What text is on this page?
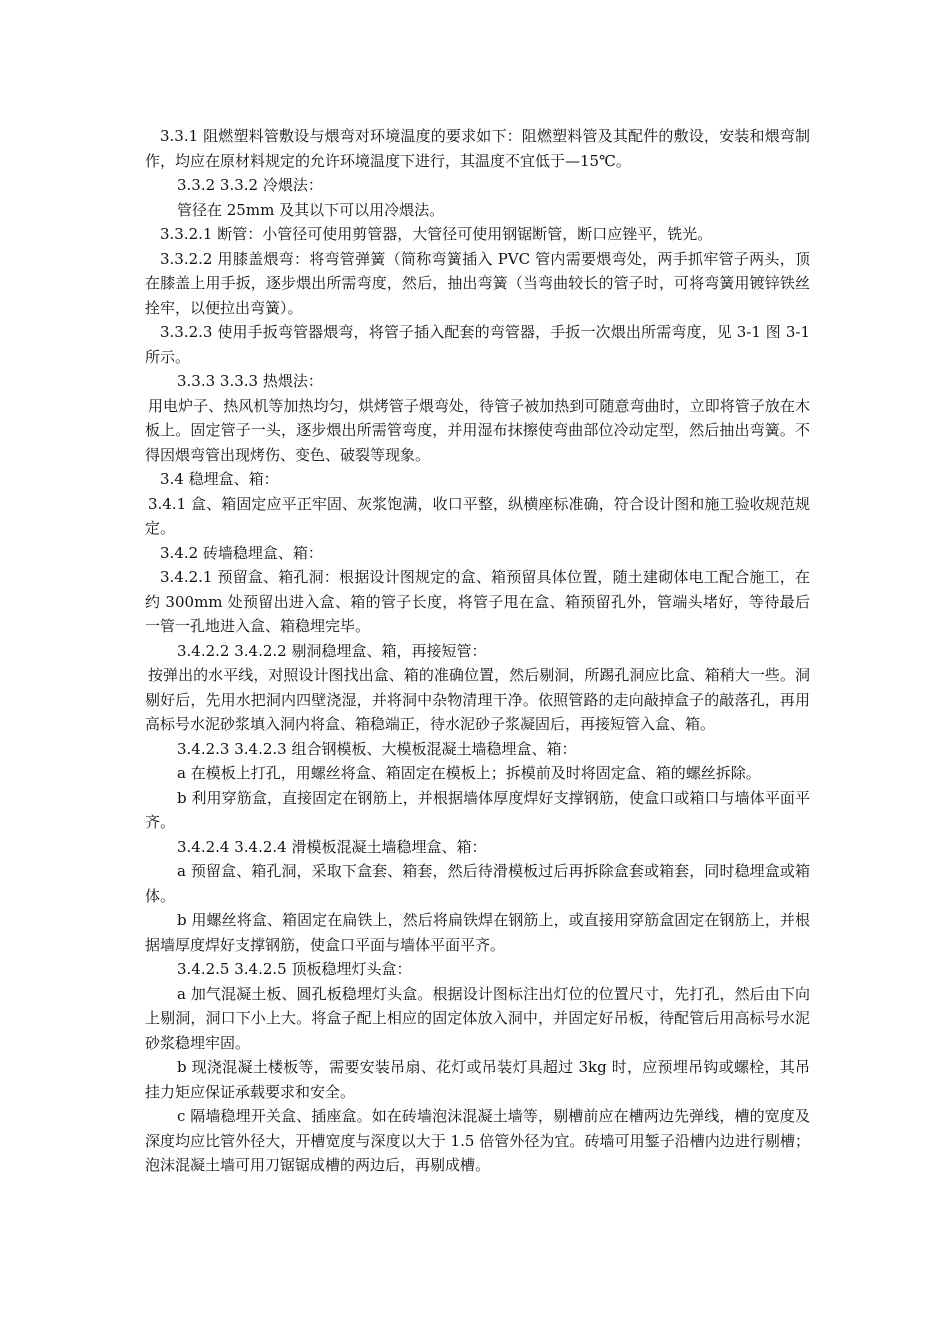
3.3.1 阻燃塑料管敷设与煨弯对环境温度的要求如下：阻燃塑料管及其配件的敷设，安装和煨弯制作，均应在原材料规定的允许环境温度下进行，其温度不宜低于—15℃。

3.3.2 3.3.2 冷煨法：

管径在 25mm 及其以下可以用冷煨法。

3.3.2.1 断管：小管径可使用剪管器，大管径可使用钢锯断管，断口应锉平，铣光。

3.3.2.2 用膝盖煨弯：将弯管弹簧（简称弯簧插入 PVC 管内需要煨弯处，两手抓牢管子两头，顶在膝盖上用手扳，逐步煨出所需弯度，然后，抽出弯簧（当弯曲较长的管子时，可将弯簧用镀锌铁丝拴牢，以便拉出弯簧）。

3.3.2.3 使用手扳弯管器煨弯，将管子插入配套的弯管器，手扳一次煨出所需弯度，见 3-1 图 3-1 所示。

3.3.3 3.3.3 热煨法：

用电炉子、热风机等加热均匀，烘烤管子煨弯处，待管子被加热到可随意弯曲时，立即将管子放在木板上。固定管子一头，逐步煨出所需管弯度，并用湿布抹擦使弯曲部位冷动定型，然后抽出弯簧。不得因煨弯管出现烤伤、变色、破裂等现象。

3.4 稳埋盒、箱：

3.4.1 盒、箱固定应平正牢固、灰浆饱满，收口平整，纵横座标准确，符合设计图和施工验收规范规定。

3.4.2 砖墙稳埋盒、箱：

3.4.2.1 预留盒、箱孔洞：根据设计图规定的盒、箱预留具体位置，随土建砌体电工配合施工，在约 300mm 处预留出进入盒、箱的管子长度，将管子甩在盒、箱预留孔外，管端头堵好，等待最后一管一孔地进入盒、箱稳埋完毕。

3.4.2.2 3.4.2.2 剔洞稳埋盒、箱，再接短管：

按弹出的水平线，对照设计图找出盒、箱的准确位置，然后剔洞，所踢孔洞应比盒、箱稍大一些。洞剔好后，先用水把洞内四壁浇湿，并将洞中杂物清理干净。依照管路的走向敲掉盒子的敲落孔，再用高标号水泥砂浆填入洞内将盒、箱稳端正，待水泥砂子浆凝固后，再接短管入盒、箱。

3.4.2.3 3.4.2.3 组合钢模板、大模板混凝土墙稳埋盒、箱：

a 在模板上打孔，用螺丝将盒、箱固定在模板上；拆模前及时将固定盒、箱的螺丝拆除。

b 利用穿筋盒，直接固定在钢筋上，并根据墙体厚度焊好支撑钢筋，使盒口或箱口与墙体平面平齐。

3.4.2.4 3.4.2.4 滑模板混凝土墙稳埋盒、箱：

a 预留盒、箱孔洞，采取下盒套、箱套，然后待滑模板过后再拆除盒套或箱套，同时稳埋盒或箱体。

b 用螺丝将盒、箱固定在扁铁上，然后将扁铁焊在钢筋上，或直接用穿筋盒固定在钢筋上，并根据墙厚度焊好支撑钢筋，使盒口平面与墙体平面平齐。

3.4.2.5 3.4.2.5 顶板稳埋灯头盒：

a 加气混凝土板、圆孔板稳埋灯头盒。根据设计图标注出灯位的位置尺寸，先打孔，然后由下向上剔洞，洞口下小上大。将盒子配上相应的固定体放入洞中，并固定好吊板，待配管后用高标号水泥砂浆稳埋牢固。

b 现浇混凝土楼板等，需要安装吊扇、花灯或吊装灯具超过 3kg 时，应预埋吊钩或螺栓，其吊挂力矩应保证承载要求和安全。

c 隔墙稳埋开关盒、插座盒。如在砖墙泡沫混凝土墙等，剔槽前应在槽两边先弹线，槽的宽度及深度均应比管外径大，开槽宽度与深度以大于 1.5 倍管外径为宜。砖墙可用錾子沿槽内边进行剔槽；泡沫混凝土墙可用刀锯锯成槽的两边后，再剔成槽。
